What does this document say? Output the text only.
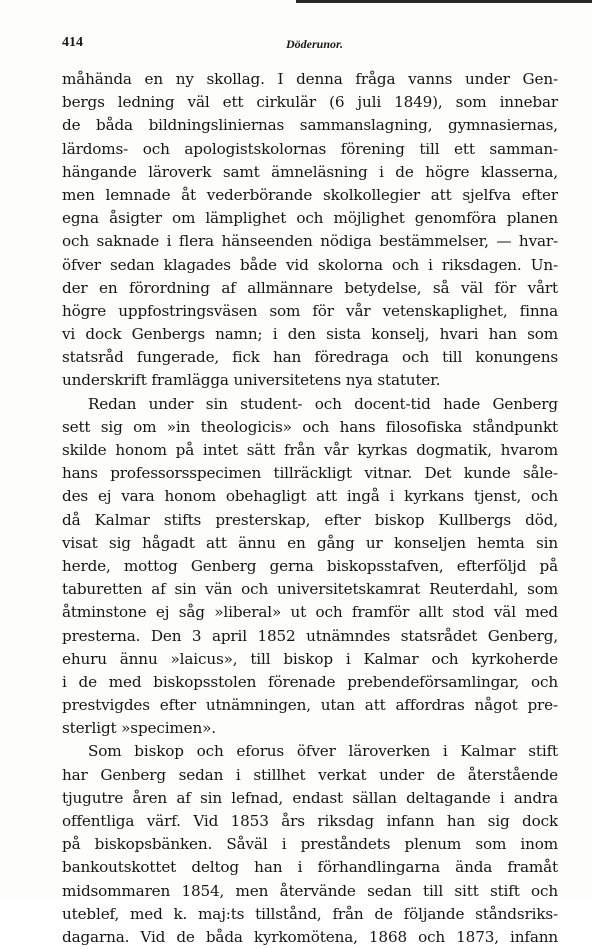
414	Döderunor.
måhända en ny skollag. I denna fråga vanns under Gen-
bergs ledning väl ett cirkulär (6 juli 1849), som innebar
de båda bildningsliniernas sammanslagning, gymnasiernas,
lärdoms- och apologistskolornas förening till ett samman-
hängande läroverk samt ämneläsning i de högre klasserna,
men lemnade åt vederbörande skolkollegier att sjelfva efter
egna åsigter om lämplighet och möjlighet genomföra planen
och saknade i flera hänseenden nödiga bestämmelser, — hvar-
öfver sedan klagades både vid skolorna och i riksdagen. Un-
der en förordning af allmännare betydelse, så väl för vårt
högre uppfostringsväsen som för vår vetenskaplighet, finna
vi dock Genbergs namn; i den sista konselj, hvari han som
statsråd fungerade, fick han föredraga och till konungens
underskrift framlägga universitetens nya statuter.
Redan under sin student- och docent-tid hade Genberg
sett sig om »in theologicis» och hans filosofiska ståndpunkt
skilde honom på intet sätt från vår kyrkas dogmatik, hvarom
hans professorsspecimen tillräckligt vitnar. Det kunde såle-
des ej vara honom obehagligt att ingå i kyrkans tjenst, och
då Kalmar stifts presterskap, efter biskop Kullbergs död,
visat sig hågadt att ännu en gång ur konseljen hemta sin
herde, mottog Genberg gerna biskopsstafven, efterföljd på
taburetten af sin vän och universitetskamrat Reuterdahl, som
åtminstone ej såg »liberal» ut och framför allt stod väl med
presterna. Den 3 april 1852 utnämndes statsrådet Genberg,
ehuru ännu »laicus», till biskop i Kalmar och kyrkoherde
i de med biskopsstolen förenade prebendeförsamlingar, och
prestvigdes efter utnämningen, utan att affordras något pre-
sterligt »specimen».
Som biskop och eforus öfver läroverken i Kalmar stift
har Genberg sedan i stillhet verkat under de återstående
tjugutre åren af sin lefnad, endast sällan deltagande i andra
offentliga värf. Vid 1853 års riksdag infann han sig dock
på biskopsbänken. Såväl i preståndets plenum som inom
bankoutskottet deltog han i förhandlingarna ända framåt
midsommaren 1854, men återvände sedan till sitt stift och
uteblef, med k. maj:ts tillstånd, från de följande ståndsriks-
dagarna. Vid de båda kyrkomötena, 1868 och 1873, infann
